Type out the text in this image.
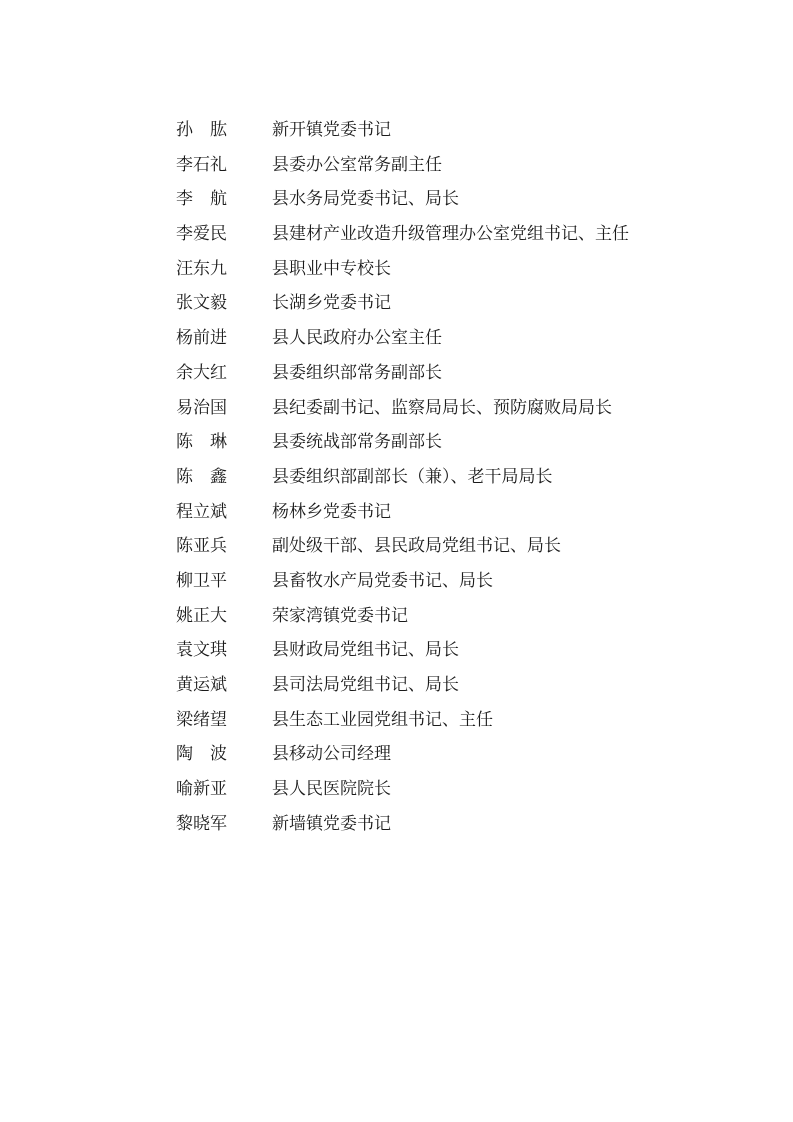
孙　肱	新开镇党委书记
李石礼	县委办公室常务副主任
李　航	县水务局党委书记、局长
李爱民	县建材产业改造升级管理办公室党组书记、主任
汪东九	县职业中专校长
张文毅	长湖乡党委书记
杨前进	县人民政府办公室主任
余大红	县委组织部常务副部长
易治国	县纪委副书记、监察局局长、预防腐败局局长
陈　琳	县委统战部常务副部长
陈　鑫	县委组织部副部长（兼）、老干局局长
程立斌	杨林乡党委书记
陈亚兵	副处级干部、县民政局党组书记、局长
柳卫平	县畜牧水产局党委书记、局长
姚正大	荣家湾镇党委书记
袁文琪	县财政局党组书记、局长
黄运斌	县司法局党组书记、局长
梁绪望	县生态工业园党组书记、主任
陶　波	县移动公司经理
喻新亚	县人民医院院长
黎晓军	新墙镇党委书记
